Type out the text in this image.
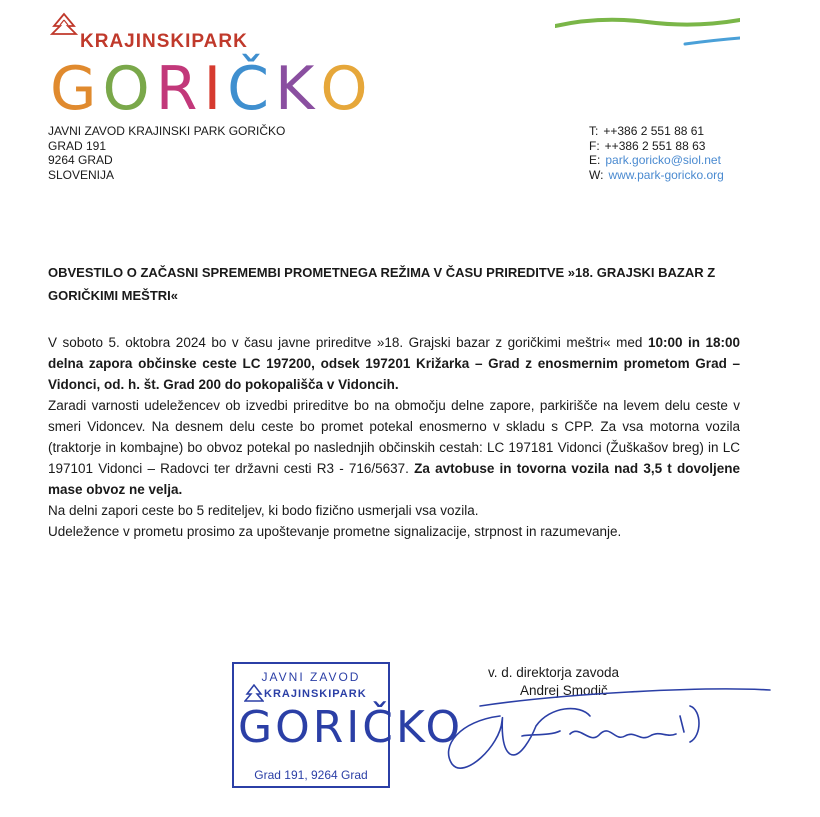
KRAJINSKIPARK
GORIČKO
JAVNI ZAVOD KRAJINSKI PARK GORIČKO
GRAD 191
9264 GRAD
SLOVENIJA
T: ++386 2 551 88 61
F: ++386 2 551 88 63
E: park.goricko@siol.net
W: www.park-goricko.org
OBVESTILO O ZAČASNI SPREMEMBI PROMETNEGA REŽIMA V ČASU PRIREDITVE »18. GRAJSKI BAZAR Z GORIČKIMI MEŠTRI«

V soboto 5. oktobra 2024 bo v času javne prireditve »18. Grajski bazar z goričkimi meštri« med 10:00 in 18:00 delna zapora občinske ceste LC 197200, odsek 197201 Križarka – Grad z enosmernim prometom Grad – Vidonci, od. h. št. Grad 200 do pokopališča v Vidoncih.

Zaradi varnosti udeležencev ob izvedbi prireditve bo na območju delne zapore, parkirišče na levem delu ceste v smeri Vidoncev. Na desnem delu ceste bo promet potekal enosmerno v skladu s CPP. Za vsa motorna vozila (traktorje in kombajne) bo obvoz potekal po naslednjih občinskih cestah: LC 197181 Vidonci (Žuškašov breg) in LC 197101 Vidonci – Radovci ter državni cesti R3 - 716/5637. Za avtobuse in tovorna vozila nad 3,5 t dovoljene mase obvoz ne velja.

Na delni zapori ceste bo 5 rediteljev, ki bodo fizično usmerjali vsa vozila.

Udeležence v prometu prosimo za upoštevanje prometne signalizacije, strpnost in razumevanje.

JAVNI ZAVOD
KRAJINSKIPARK
GORIČKO
Grad 191, 9264 Grad
v. d. direktorja zavoda
Andrej Smodič
